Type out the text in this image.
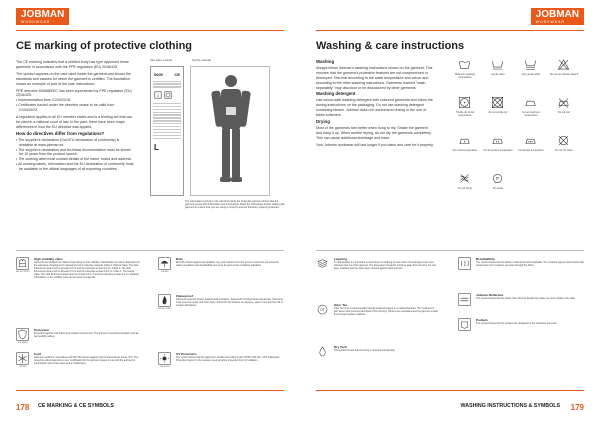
JOBMAN
WORKWEAR
CE marking of protective clothing

The CE marking indicates that a notified body has type approved these garments in accordance with the PPE regulation (EU) 2016/425.

The symbol appears on the care label inside the garment and shows the standards and classes for which the garment is certified. The illustration shows an example of part of the care instructions.

PPE directive 89/686/EEC has been superseded by PPE regulation (EU) 2016/425.

• Implementation from 21/04/2018.
• Certificates issued under the directive cease to be valid from 21/04/2023.

A regulation applies in all EU member states and is a binding act that can be cited in a national court of law. In the past, there have been major differences in how the EU directive was applied.

How do directives differ from regulations?
• The supplier's declaration (DoC/EU declaration of conformity) is available at www.jobman.se.
• The supplier's declaration and technical documentation must be stored for 10 years from the product launch.
• The working label must contain details of the name, brand and address.
• All working labels, information and the EU declaration of conformity must be available in the official languages of all exporting countries.
Care label, example	Symbol, example
0000	CE
i
L
The information symbol on the CE label inside the protective garment shows that the garment comes with information and instructions. Read the information before wearing the garment to ensure that you are using it correctly and are therefore properly protected.
EN ISO 20471
High visibility class
Garments are divided into classes depending on their visibility. Classification is mainly dependent on the total area of background material and retro-reflective material. Class 3: Highest class. The total fluorescent area must be at least 0.8 m² and the reflective at least 0.2 m². Class 2: The total fluorescent area must be at least 0.5 m² and the reflective at least 0.13 m². Class 1: The lowest class. The total fluorescent area must be at least 0.14 m² and the reflective at least 0.1 m². Detailed information on the visibility rules can be found on page 82.
EN 343
Rain
EN 343 protects against precipitation, fog, and moisture from the ground. Garments are tested for water penetration and breathability and must be worn in the conditions indicated.
EN ISO 11612
Flameproof
Garments tested to protect against heat and flame. Tested with a limited flame spread test. Garments must cover the upper and lower body. Tested for the duration of exposure, ease of use and the risk of contact with flames.
EN 14404
Protection
Protection against cold indoor and outdoor environment. The garment must show insulation and air permeability values.
EN 342
Cold
Garment certified in accordance with EN 342 protect against cold at temperatures below -5°C. The protective effect depends on use. Certification for the garment relates to use with the garment in combination with a base layer and a middle layer.
EN 13758
UV Protection
The symbol shows that the garment is certified according to EN 13758. UPF 40+. UPF (Ultraviolet Protection Factor) is the measure used to define protection from UV radiation.
178 CE MARKING & CE SYMBOLS
JOBMAN
WORKWEAR
Washing & care instructions
Washing

Always follow Jobman's washing instructions shown on the garment. This ensures that the garment's protective features are not compromised or destroyed. Test that according to the wash temperature and colour and according to the other washing instructions. Garments marked "wash separately" may discolour or be discoloured by other garments.

Washing detergent

Use colour-safe washing detergent with coloured garments and follow the dosing instructions on the packaging. Do not use washing detergent containing bleach. Jobman does not recommend rinsing or the use of fabric softeners.

Drying

Most of the garments fare better when hung to dry. Shake the garment and hang it up. When tumble drying, do not dry the garments completely. This can cause additional shrinkage and wear.

Your Jobman workwear will last longer if you wash and care for it properly.

Layering
In cold weather it is important to wear layers of clothing to keep warm. Several layers are more effective than one thick garment. The base layer transports moisture away from the skin, the mid layer insulates and the outer layer protects against wind and rain.
Breathability
The symbol shows that the fabric is waterproof and breathable. The moisture vapour transmission rate shows how much moisture can pass through the fabric.
OT
Odor Tec
Odor Tec is an environmentally friendly treatment based on a natural bacteria. The treatment is permanent and prevents bad odours from forming. Odours are neutralised and the garment smells fresh longer between washes.
Jobman Reflective
The symbol shows that the article has reflective details that make you more visible in the dark.
Pockets
The symbol shows that the pockets are designed for the workwear and tools.
Dry Tech
This symbol shows that the lining is moisture transporting.
179
WASHING INSTRUCTIONS & SYMBOLS
Maximum washing temperature
Gentle wash	Very gentle wash	Do not use chlorine bleach
Tumble dry at low temperature
Do not tumble dry	Iron at maximum temperature
Do not iron
Iron at low temperature	Iron at medium temperature	Iron at high temperature	Do not dry clean
Do not wring
P
Dry clean
